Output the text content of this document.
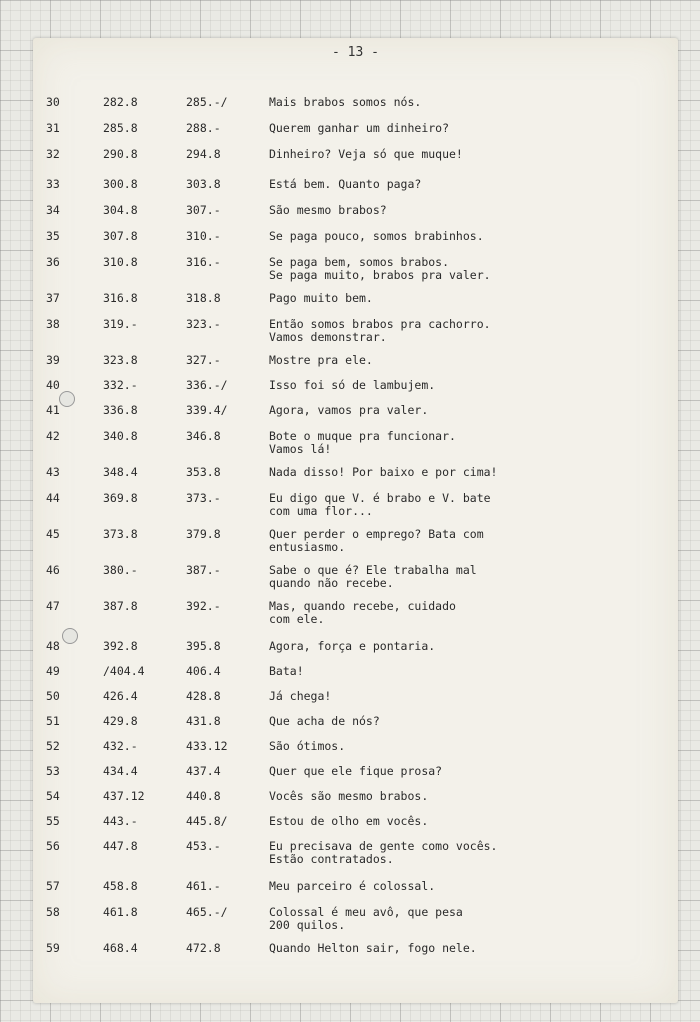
- 13 -
30	282.8	285.-/	Mais brabos somos nós.
31	285.8	288.-	Querem ganhar um dinheiro?
32	290.8	294.8	Dinheiro? Veja só que muque!
33	300.8	303.8	Está bem. Quanto paga?
34	304.8	307.-	São mesmo brabos?
35	307.8	310.-	Se paga pouco, somos brabinhos.
36	310.8	316.-	Se paga bem, somos brabos.
Se paga muito, brabos pra valer.
37	316.8	318.8	Pago muito bem.
38	319.-	323.-	Então somos brabos pra cachorro.
Vamos demonstrar.
39	323.8	327.-	Mostre pra ele.
40	332.-	336.-/	Isso foi só de lambujem.
41	336.8	339.4/	Agora, vamos pra valer.
42	340.8	346.8	Bote o muque pra funcionar.
Vamos lá!
43	348.4	353.8	Nada disso! Por baixo e por cima!
44	369.8	373.-	Eu digo que V. é brabo e V. bate
com uma flor...
45	373.8	379.8	Quer perder o emprego? Bata com
entusiasmo.
46	380.-	387.-	Sabe o que é? Ele trabalha mal
quando não recebe.
47	387.8	392.-	Mas, quando recebe, cuidado
com ele.
48	392.8	395.8	Agora, força e pontaria.
49	/404.4	406.4	Bata!
50	426.4	428.8	Já chega!
51	429.8	431.8	Que acha de nós?
52	432.-	433.12	São ótimos.
53	434.4	437.4	Quer que ele fique prosa?
54	437.12	440.8	Vocês são mesmo brabos.
55	443.-	445.8/	Estou de olho em vocês.
56	447.8	453.-	Eu precisava de gente como vocês.
Estão contratados.
57	458.8	461.-	Meu parceiro é colossal.
58	461.8	465.-/	Colossal é meu avô, que pesa
200 quilos.
59	468.4	472.8	Quando Helton sair, fogo nele.
